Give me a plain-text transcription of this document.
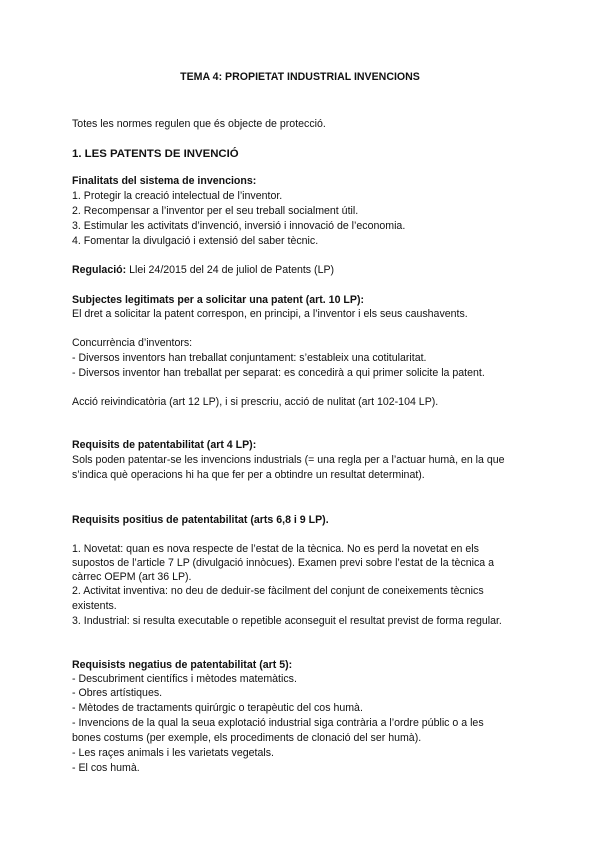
TEMA 4: PROPIETAT INDUSTRIAL INVENCIONS
Totes les normes regulen que és objecte de protecció.
1. LES PATENTS DE INVENCIÓ
Finalitats del sistema de invencions:
1. Protegir la creació intelectual de l’inventor.
2. Recompensar a l’inventor per el seu treball socialment útil.
3. Estimular les activitats d’invenció, inversió i innovació de l’economia.
4. Fomentar la divulgació i extensió del saber tècnic.
Regulació: Llei 24/2015 del 24 de juliol de Patents (LP)
Subjectes legitimats per a solicitar una patent (art. 10 LP):
El dret a solicitar la patent correspon, en principi, a l’inventor i els seus caushavents.
Concurrència d’inventors:
- Diversos inventors han treballat conjuntament: s’estableix una cotitularitat.
- Diversos inventor han treballat per separat: es concedirà a qui primer solicite la patent.
Acció reivindicatòria (art 12 LP), i si prescriu, acció de nulitat (art 102-104 LP).
Requisits de patentabilitat (art 4 LP):
Sols poden patentar-se les invencions industrials (= una regla per a l’actuar humà, en la que
s’indica què operacions hi ha que fer per a obtindre un resultat determinat).
Requisits positius de patentabilitat (arts 6,8 i 9 LP).
1. Novetat: quan es nova respecte de l’estat de la tècnica. No es perd la novetat en els
supostos de l’article 7 LP (divulgació innòcues). Examen previ sobre l’estat de la tècnica a
càrrec OEPM (art 36 LP).
2. Activitat inventiva: no deu de deduir-se fàcilment del conjunt de coneixements tècnics
existents.
3. Industrial: si resulta executable o repetible aconseguit el resultat previst de forma regular.
Requisists negatius de patentabilitat (art 5):
- Descubriment científics i mètodes matemàtics.
- Obres artístiques.
- Mètodes de tractaments quirúrgic o terapèutic del cos humà.
- Invencions de la qual la seua explotació industrial siga contrària a l’ordre públic o a les
bones costums (per exemple, els procediments de clonació del ser humà).
- Les raçes animals i les varietats vegetals.
- El cos humà.
